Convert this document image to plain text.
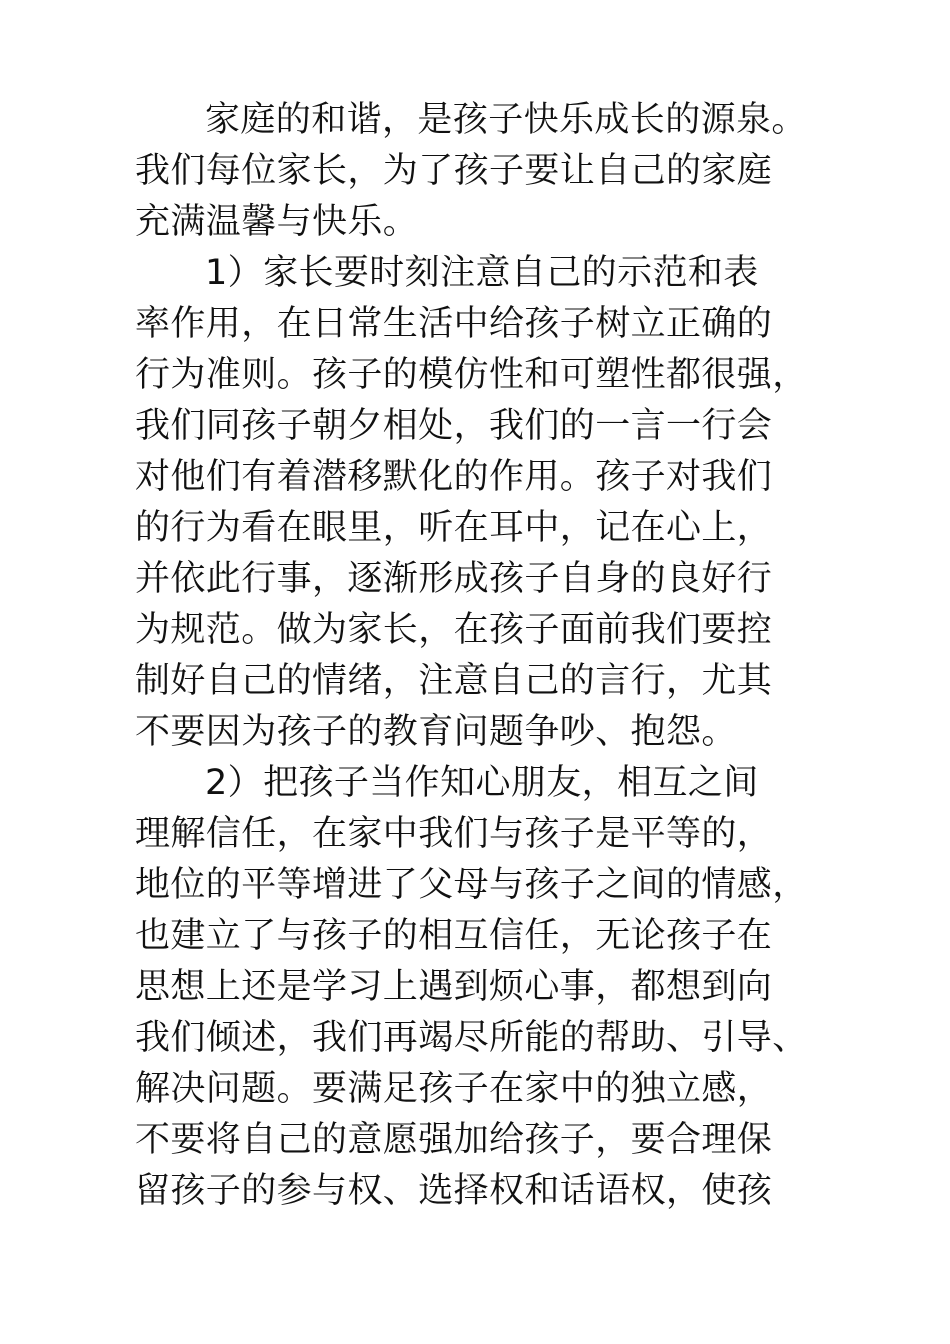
家庭的和谐，是孩子快乐成长的源泉。
我们每位家长，为了孩子要让自己的家庭
充满温馨与快乐。
1）家长要时刻注意自己的示范和表
率作用，在日常生活中给孩子树立正确的
行为准则。孩子的模仿性和可塑性都很强，
我们同孩子朝夕相处，我们的一言一行会
对他们有着潜移默化的作用。孩子对我们
的行为看在眼里，听在耳中，记在心上，
并依此行事，逐渐形成孩子自身的良好行
为规范。做为家长，在孩子面前我们要控
制好自己的情绪，注意自己的言行，尤其
不要因为孩子的教育问题争吵、抱怨。
2）把孩子当作知心朋友，相互之间
理解信任，在家中我们与孩子是平等的，
地位的平等增进了父母与孩子之间的情感，
也建立了与孩子的相互信任，无论孩子在
思想上还是学习上遇到烦心事，都想到向
我们倾述，我们再竭尽所能的帮助、引导、
解决问题。要满足孩子在家中的独立感，
不要将自己的意愿强加给孩子，要合理保
留孩子的参与权、选择权和话语权，使孩
